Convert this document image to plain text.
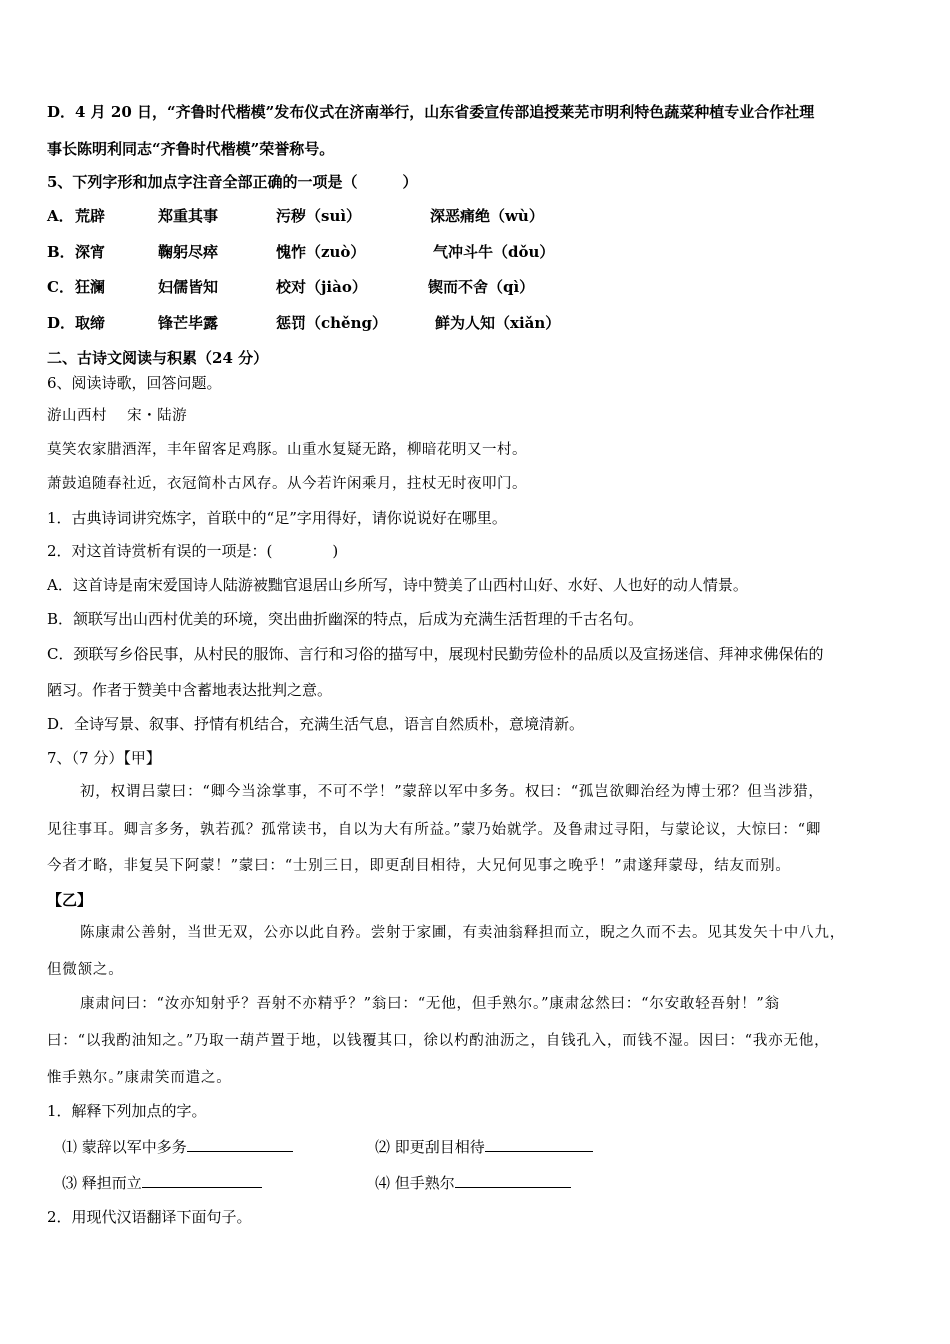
D．4 月 20 日，“齐鲁时代楷模”发布仪式在济南举行，山东省委宣传部追授莱芜市明利特色蔬菜种植专业合作社理
事长陈明利同志“齐鲁时代楷模”荣誉称号。
5、下列字形和加点字注音全部正确的一项是（　　　）
A． 荒辟	郑重其事	污秽（suì）	深恶痛绝（wù）
B． 深宵	鞠躬尽瘁	愧怍（zuò）	气冲斗牛（dǒu）
C． 狂澜	妇儒皆知	校对（jiào）	锲而不舍（qì）
D． 取缔	锋芒毕露	惩罚（chěng）	鲜为人知（xiǎn）
二、古诗文阅读与积累（24 分）
6、阅读诗歌，回答问题。
游山西村　 宋・陆游
莫笑农家腊酒浑，丰年留客足鸡豚。山重水复疑无路，柳暗花明又一村。
萧鼓追随春社近，衣冠简朴古风存。从今若许闲乘月，拄杖无时夜叩门。
1．古典诗词讲究炼字，首联中的“足”字用得好，请你说说好在哪里。
2．对这首诗赏析有误的一项是：(　　　　)
A．这首诗是南宋爱国诗人陆游被黜官退居山乡所写，诗中赞美了山西村山好、水好、人也好的动人情景。
B．颔联写出山西村优美的环境，突出曲折幽深的特点，后成为充满生活哲理的千古名句。
C．颈联写乡俗民事，从村民的服饰、言行和习俗的描写中，展现村民勤劳俭朴的品质以及宣扬迷信、拜神求佛保佑的
陋习。作者于赞美中含蓄地表达批判之意。
D．全诗写景、叙事、抒情有机结合，充满生活气息，语言自然质朴，意境清新。
7、（7 分）【甲】
初，权谓吕蒙曰：“卿今当涂掌事，不可不学！”蒙辞以军中多务。权曰：“孤岂欲卿治经为博士邪？但当涉猎，
见往事耳。卿言多务，孰若孤？孤常读书，自以为大有所益。”蒙乃始就学。及鲁肃过寻阳，与蒙论议，大惊曰：“卿
今者才略，非复吴下阿蒙！”蒙曰：“士别三日，即更刮目相待，大兄何见事之晚乎！”肃遂拜蒙母，结友而别。
【乙】
陈康肃公善射，当世无双，公亦以此自矜。尝射于家圃，有卖油翁释担而立，睨之久而不去。见其发矢十中八九，
但微颔之。
康肃问曰：“汝亦知射乎？吾射不亦精乎？”翁曰：“无他，但手熟尔。”康肃忿然曰：“尔安敢轻吾射！”翁
曰：“以我酌油知之。”乃取一葫芦置于地，以钱覆其口，徐以杓酌油沥之，自钱孔入，而钱不湿。因曰：“我亦无他，
惟手熟尔。”康肃笑而遣之。
1．解释下列加点的字。
⑴ 蒙辞以军中多务	⑵ 即更刮目相待
⑶ 释担而立	⑷ 但手熟尔
2．用现代汉语翻译下面句子。
